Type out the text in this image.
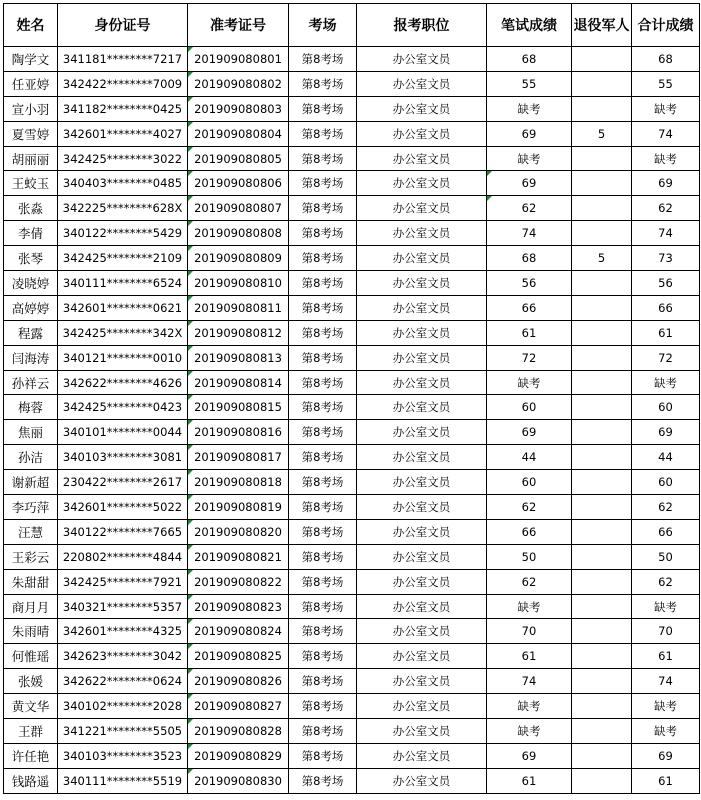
姓名	身份证号	准考证号	考场	报考职位	笔试成绩	退役军人	合计成绩
陶学文	341181********7217	201909080801	第8考场	办公室文员	68		68
任亚婷	342422********7009	201909080802	第8考场	办公室文员	55		55
宣小羽	341182********0425	201909080803	第8考场	办公室文员	缺考		缺考
夏雪婷	342601********4027	201909080804	第8考场	办公室文员	69	5	74
胡丽丽	342425********3022	201909080805	第8考场	办公室文员	缺考		缺考
王蛟玉	340403********0485	201909080806	第8考场	办公室文员	69		69
张淼	342225********628X	201909080807	第8考场	办公室文员	62		62
李倩	340122********5429	201909080808	第8考场	办公室文员	74		74
张琴	342425********2109	201909080809	第8考场	办公室文员	68	5	73
凌晓婷	340111********6524	201909080810	第8考场	办公室文员	56		56
高婷婷	342601********0621	201909080811	第8考场	办公室文员	66		66
程露	342425********342X	201909080812	第8考场	办公室文员	61		61
闫海涛	340121********0010	201909080813	第8考场	办公室文员	72		72
孙祥云	342622********4626	201909080814	第8考场	办公室文员	缺考		缺考
梅蓉	342425********0423	201909080815	第8考场	办公室文员	60		60
焦丽	340101********0044	201909080816	第8考场	办公室文员	69		69
孙洁	340103********3081	201909080817	第8考场	办公室文员	44		44
谢新超	230422********2617	201909080818	第8考场	办公室文员	60		60
李巧萍	342601********5022	201909080819	第8考场	办公室文员	62		62
汪慧	340122********7665	201909080820	第8考场	办公室文员	66		66
王彩云	220802********4844	201909080821	第8考场	办公室文员	50		50
朱甜甜	342425********7921	201909080822	第8考场	办公室文员	62		62
商月月	340321********5357	201909080823	第8考场	办公室文员	缺考		缺考
朱雨晴	342601********4325	201909080824	第8考场	办公室文员	70		70
何惟瑶	342623********3042	201909080825	第8考场	办公室文员	61		61
张媛	342622********0624	201909080826	第8考场	办公室文员	74		74
黄文华	340102********2028	201909080827	第8考场	办公室文员	缺考		缺考
王群	341221********5505	201909080828	第8考场	办公室文员	缺考		缺考
许任艳	340103********3523	201909080829	第8考场	办公室文员	69		69
钱路遥	340111********5519	201909080830	第8考场	办公室文员	61		61
